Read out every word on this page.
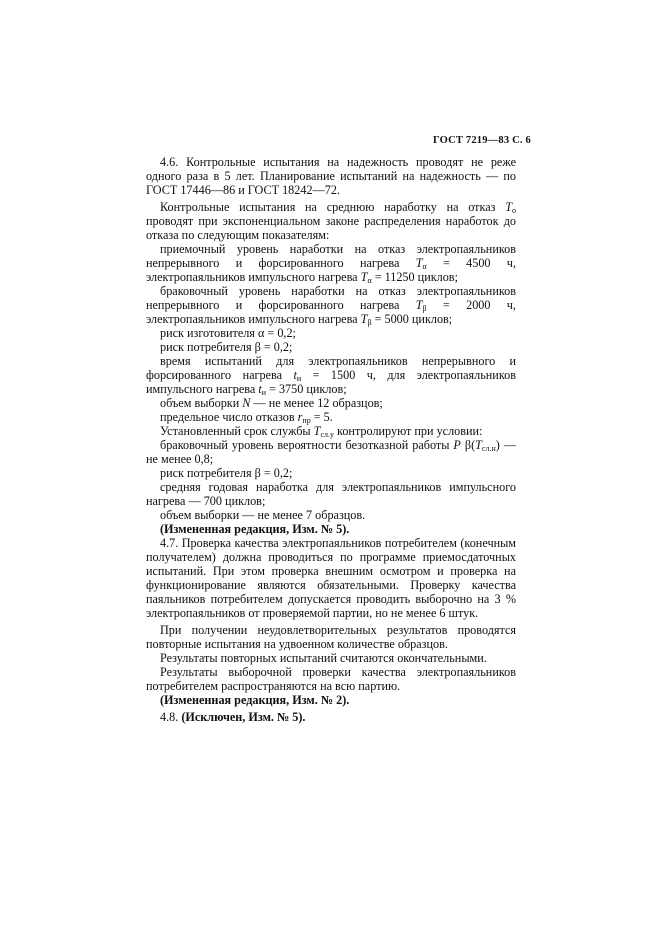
ГОСТ 7219—83 С. 6

4.6. Контрольные испытания на надежность проводят не реже одного раза в 5 лет. Планирование испытаний на надежность — по ГОСТ 17446—86 и ГОСТ 18242—72.

Контрольные испытания на среднюю наработку на отказ $T_о$ проводят при экспоненциальном законе распределения наработок до отказа по следующим показателям:

приемочный уровень наработки на отказ электропаяльников непрерывного и форсированного нагрева $T_\alpha = 4500$ ч, электропаяльников импульсного нагрева $T_\alpha = 11250$ циклов;

браковочный уровень наработки на отказ электропаяльников непрерывного и форсированного нагрева $T_\beta = 2000$ ч, электропаяльников импульсного нагрева $T_\beta = 5000$ циклов;

риск изготовителя α = 0,2;

риск потребителя β = 0,2;

время испытаний для электропаяльников непрерывного и форсированного нагрева $t_и = 1500$ ч, для электропаяльников импульсного нагрева $t_и = 3750$ циклов;

объем выборки N — не менее 12 образцов;

предельное число отказов $r_{пр} = 5$.

Установленный срок службы $T_{сл.у}$ контролируют при условии:

браковочный уровень вероятности безотказной работы P $\beta(T_{сл.н})$ — не менее 0,8;

риск потребителя β = 0,2;

средняя годовая наработка для электропаяльников импульсного нагрева — 700 циклов;

объем выборки — не менее 7 образцов.

(Измененная редакция, Изм. № 5).

4.7. Проверка качества электропаяльников потребителем (конечным получателем) должна проводиться по программе приемосдаточных испытаний. При этом проверка внешним осмотром и проверка на функционирование являются обязательными. Проверку качества паяльников потребителем допускается проводить выборочно на 3 % электропаяльников от проверяемой партии, но не менее 6 штук.

При получении неудовлетворительных результатов проводятся повторные испытания на удвоенном количестве образцов.

Результаты повторных испытаний считаются окончательными.

Результаты выборочной проверки качества электропаяльников потребителем распространяются на всю партию.

(Измененная редакция, Изм. № 2).

4.8. (Исключен, Изм. № 5).
